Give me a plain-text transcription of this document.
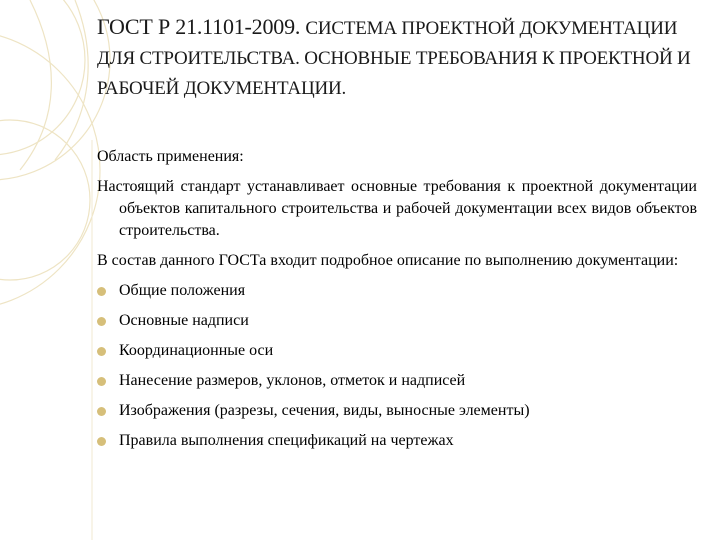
ГОСТ Р 21.1101-2009. СИСТЕМА ПРОЕКТНОЙ ДОКУМЕНТАЦИИ ДЛЯ СТРОИТЕЛЬСТВА. ОСНОВНЫЕ ТРЕБОВАНИЯ К ПРОЕКТНОЙ И РАБОЧЕЙ ДОКУМЕНТАЦИИ.

Область применения:

Настоящий стандарт устанавливает основные требования к проектной документации объектов капитального строительства и рабочей документации всех видов объектов строительства.

В состав данного ГОСТа входит подробное описание по выполнению документации:

Общие положения
Основные надписи
Координационные оси
Нанесение размеров, уклонов, отметок и надписей
Изображения (разрезы, сечения, виды, выносные элементы)
Правила выполнения спецификаций на чертежах
